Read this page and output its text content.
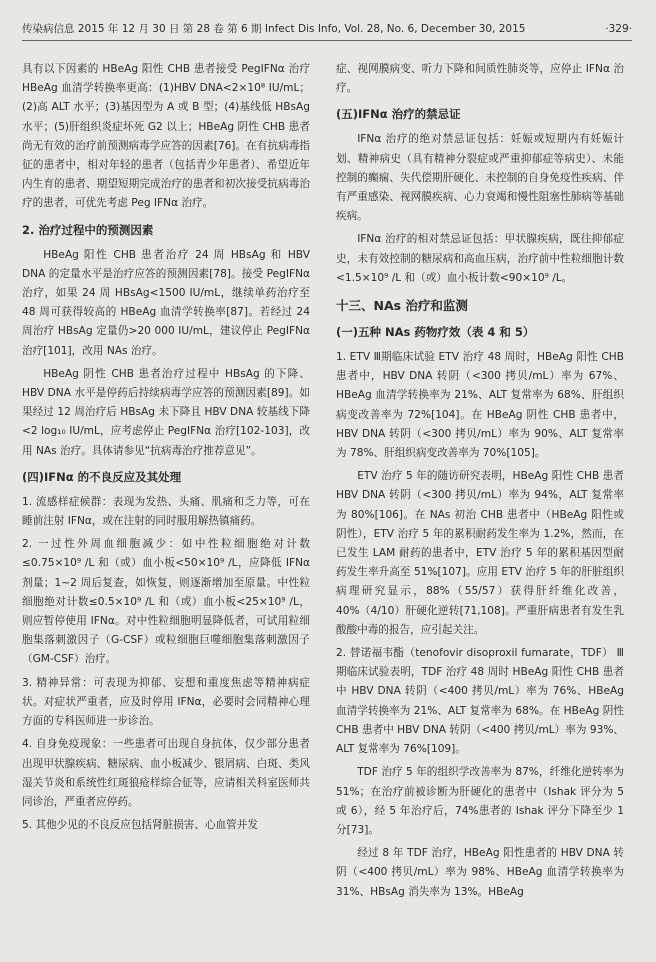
传染病信息 2015 年 12 月 30 日 第 28 卷 第 6 期 Infect Dis Info, Vol. 28, No. 6, December 30, 2015	·329·

具有以下因素的 HBeAg 阳性 CHB 患者接受 PegIFNα 治疗 HBeAg 血清学转换率更高：(1)HBV DNA<2×10⁸ IU/mL；(2)高 ALT 水平；(3)基因型为 A 或 B 型；(4)基线低 HBsAg 水平；(5)肝组织炎症坏死 G2 以上；HBeAg 阴性 CHB 患者尚无有效的治疗前预测病毒学应答的因素[76]。在有抗病毒指征的患者中，相对年轻的患者（包括青少年患者）、希望近年内生育的患者、期望短期完成治疗的患者和初次接受抗病毒治疗的患者，可优先考虑 Peg IFNα 治疗。

2. 治疗过程中的预测因素

HBeAg 阳性 CHB 患者治疗 24 周 HBsAg 和 HBV DNA 的定量水平是治疗应答的预测因素[78]。接受 PegIFNα 治疗，如果 24 周 HBsAg<1500 IU/mL，继续单药治疗至 48 周可获得较高的 HBeAg 血清学转换率[87]。若经过 24 周治疗 HBsAg 定量仍>20 000 IU/mL，建议停止 PegIFNα 治疗[101]，改用 NAs 治疗。

HBeAg 阴性 CHB 患者治疗过程中 HBsAg 的下降、HBV DNA 水平是停药后持续病毒学应答的预测因素[89]。如果经过 12 周治疗后 HBsAg 未下降且 HBV DNA 较基线下降 <2 log₁₀ IU/mL，应考虑停止 PegIFNα 治疗[102-103]，改用 NAs 治疗。具体请参见“抗病毒治疗推荐意见”。

(四)IFNα 的不良反应及其处理

1. 流感样症候群：表现为发热、头痛、肌痛和乏力等，可在睡前注射 IFNα，或在注射的同时服用解热镇痛药。

2. 一过性外周血细胞减少：如中性粒细胞绝对计数≤0.75×10⁹ /L 和（或）血小板<50×10⁹ /L，应降低 IFNα 剂量；1~2 周后复查，如恢复，则逐渐增加至原量。中性粒细胞绝对计数≤0.5×10⁹ /L 和（或）血小板<25×10⁹ /L，则应暂停使用 IFNα。对中性粒细胞明显降低者，可试用粒细胞集落刺激因子（G-CSF）或粒细胞巨噬细胞集落刺激因子（GM-CSF）治疗。

3. 精神异常：可表现为抑郁、妄想和重度焦虑等精神病症状。对症状严重者，应及时停用 IFNα，必要时会同精神心理方面的专科医师进一步诊治。

4. 自身免疫现象：一些患者可出现自身抗体，仅少部分患者出现甲状腺疾病、糖尿病、血小板减少、银屑病、白斑、类风湿关节炎和系统性红斑狼疮样综合征等，应请相关科室医师共同诊治，严重者应停药。

5. 其他少见的不良反应包括肾脏损害、心血管并发

症、视网膜病变、听力下降和间质性肺炎等，应停止 IFNα 治疗。

(五)IFNα 治疗的禁忌证

IFNα 治疗的绝对禁忌证包括：妊娠或短期内有妊娠计划、精神病史（具有精神分裂症或严重抑郁症等病史）、未能控制的癫痫、失代偿期肝硬化、未控制的自身免疫性疾病、伴有严重感染、视网膜疾病、心力衰竭和慢性阻塞性肺病等基础疾病。

IFNα 治疗的相对禁忌证包括：甲状腺疾病，既往抑郁症史，未有效控制的糖尿病和高血压病，治疗前中性粒细胞计数<1.5×10⁹ /L 和（或）血小板计数<90×10⁹ /L。

十三、NAs 治疗和监测
(一)五种 NAs 药物疗效（表 4 和 5）

1. ETV Ⅲ期临床试验 ETV 治疗 48 周时，HBeAg 阳性 CHB 患者中，HBV DNA 转阴（<300 拷贝/mL）率为 67%、HBeAg 血清学转换率为 21%、ALT 复常率为 68%、肝组织病变改善率为 72%[104]。在 HBeAg 阴性 CHB 患者中，HBV DNA 转阴（<300 拷贝/mL）率为 90%、ALT 复常率为 78%、肝组织病变改善率为 70%[105]。

ETV 治疗 5 年的随访研究表明，HBeAg 阳性 CHB 患者 HBV DNA 转阴（<300 拷贝/mL）率为 94%，ALT 复常率为 80%[106]。在 NAs 初治 CHB 患者中（HBeAg 阳性或阴性），ETV 治疗 5 年的累积耐药发生率为 1.2%，然而，在已发生 LAM 耐药的患者中，ETV 治疗 5 年的累积基因型耐药发生率升高至 51%[107]。应用 ETV 治疗 5 年的肝脏组织病理研究显示，88%（55/57）获得肝纤维化改善，40%（4/10）肝硬化逆转[71,108]。严重肝病患者有发生乳酸酸中毒的报告，应引起关注。

2. 替诺福韦酯（tenofovir disoproxil fumarate，TDF） Ⅲ期临床试验表明，TDF 治疗 48 周时 HBeAg 阳性 CHB 患者中 HBV DNA 转阴（<400 拷贝/mL）率为 76%、HBeAg 血清学转换率为 21%、ALT 复常率为 68%。在 HBeAg 阴性 CHB 患者中 HBV DNA 转阴（<400 拷贝/mL）率为 93%、ALT 复常率为 76%[109]。

TDF 治疗 5 年的组织学改善率为 87%，纤维化逆转率为 51%；在治疗前被诊断为肝硬化的患者中（Ishak 评分为 5 或 6），经 5 年治疗后，74%患者的 Ishak 评分下降至少 1 分[73]。

经过 8 年 TDF 治疗，HBeAg 阳性患者的 HBV DNA 转阴（<400 拷贝/mL）率为 98%、HBeAg 血清学转换率为 31%、HBsAg 消失率为 13%。HBeAg
